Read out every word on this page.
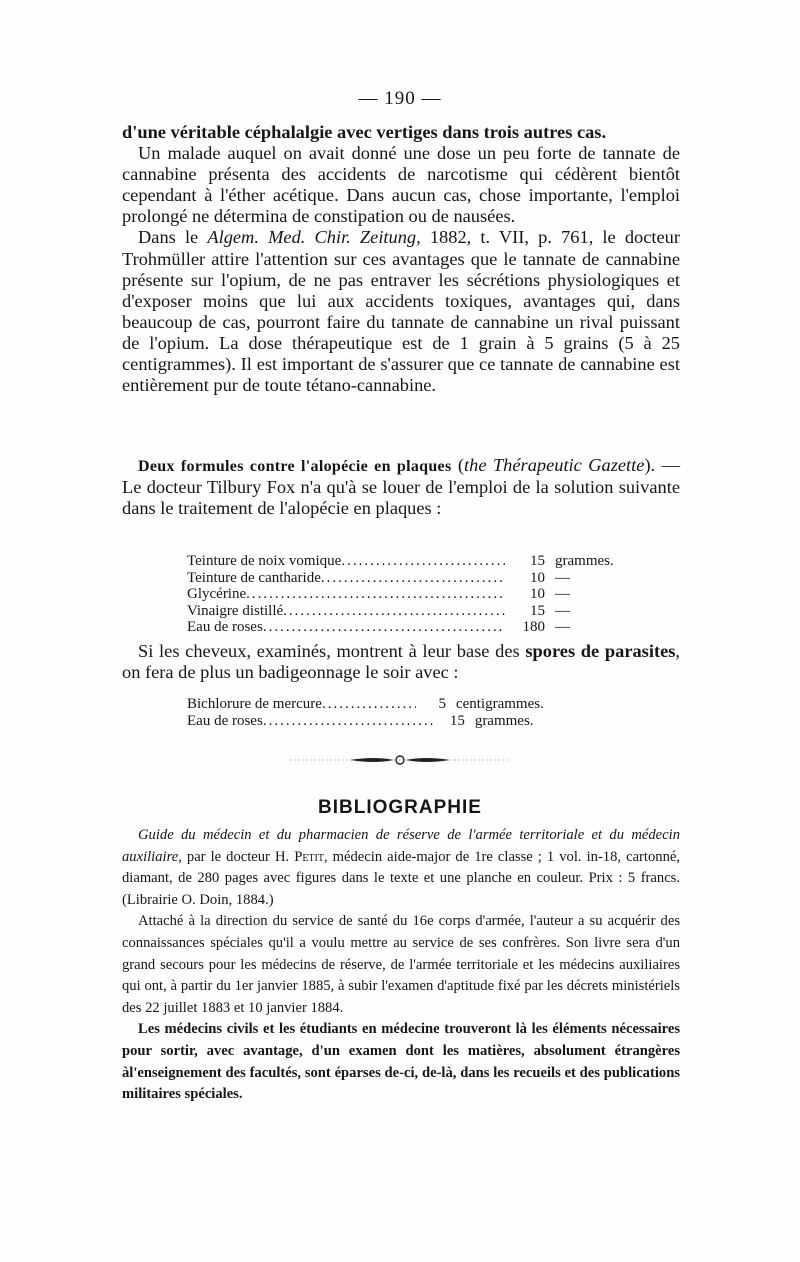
— 190 —

d'une véritable céphalalgie avec vertiges dans trois autres cas.

Un malade auquel on avait donné une dose un peu forte de tannate de cannabine présenta des accidents de narcotisme qui cédèrent bientôt cependant à l'éther acétique. Dans aucun cas, chose importante, l'emploi prolongé ne détermina de constipation ou de nausées.

Dans le Algem. Med. Chir. Zeitung, 1882, t. VII, p. 761, le docteur Trohmüller attire l'attention sur ces avantages que le tannate de cannabine présente sur l'opium, de ne pas entraver les sécrétions physiologiques et d'exposer moins que lui aux accidents toxiques, avantages qui, dans beaucoup de cas, pourront faire du tannate de cannabine un rival puissant de l'opium. La dose thérapeutique est de 1 grain à 5 grains (5 à 25 centigrammes). Il est important de s'assurer que ce tannate de cannabine est entièrement pur de toute tétano-cannabine.

Deux formules contre l'alopécie en plaques (the Thérapeutic Gazette). — Le docteur Tilbury Fox n'a qu'à se louer de l'emploi de la solution suivante dans le traitement de l'alopécie en plaques :

Teinture de noix vomique .....	15 grammes.
Teinture de cantharide .....	10 —
Glycérine .....	10 —
Vinaigre distillé .....	15 —
Eau de roses .....	180 —

Si les cheveux, examinés, montrent à leur base des spores de parasites, on fera de plus un badigeonnage le soir avec :

Bichlorure de mercure .....	5 centigrammes.
Eau de roses .....	15 grammes.
BIBLIOGRAPHIE

Guide du médecin et du pharmacien de réserve de l'armée territoriale et du médecin auxiliaire, par le docteur H. Petit, médecin aide-major de 1re classe ; 1 vol. in-18, cartonné, diamant, de 280 pages avec figures dans le texte et une planche en couleur. Prix : 5 francs. (Librairie O. Doin, 1884.)

Attaché à la direction du service de santé du 16e corps d'armée, l'auteur a su acquérir des connaissances spéciales qu'il a voulu mettre au service de ses confrères. Son livre sera d'un grand secours pour les médecins de réserve, de l'armée territoriale et les médecins auxiliaires qui ont, à partir du 1er janvier 1885, à subir l'examen d'aptitude fixé par les décrets ministériels des 22 juillet 1883 et 10 janvier 1884.

Les médecins civils et les étudiants en médecine trouveront là les éléments nécessaires pour sortir, avec avantage, d'un examen dont les matières, absolument étrangères àl'enseignement des facultés, sont éparses de-ci, de-là, dans les recueils et des publications militaires spéciales.
